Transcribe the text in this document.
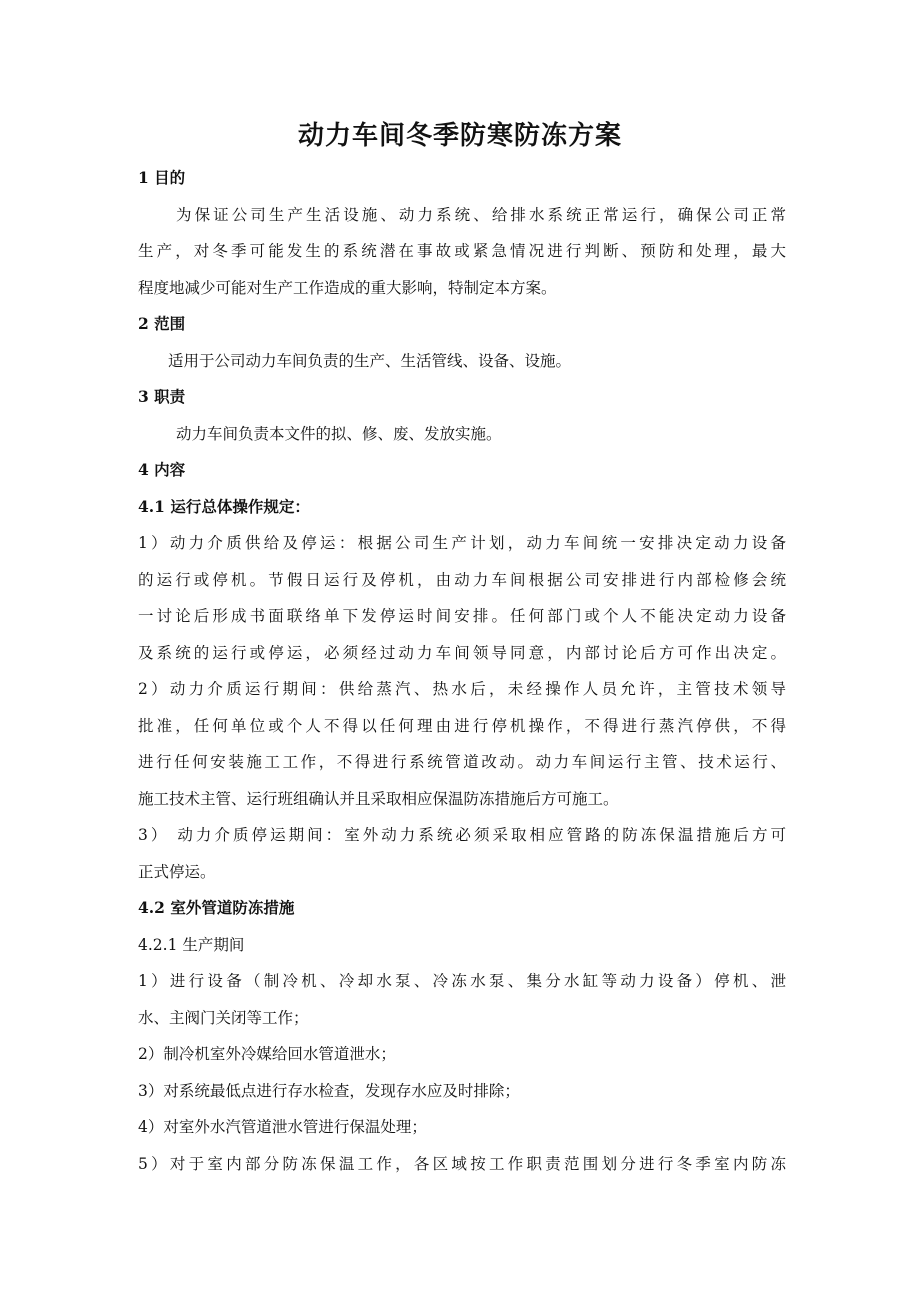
动力车间冬季防寒防冻方案

1 目的

为保证公司生产生活设施、动力系统、给排水系统正常运行，确保公司正常

生产，对冬季可能发生的系统潜在事故或紧急情况进行判断、预防和处理，最大

程度地减少可能对生产工作造成的重大影响，特制定本方案。

2 范围

适用于公司动力车间负责的生产、生活管线、设备、设施。

3 职责

动力车间负责本文件的拟、修、废、发放实施。

4 内容

4.1 运行总体操作规定：

1）动力介质供给及停运：根据公司生产计划，动力车间统一安排决定动力设备

的运行或停机。节假日运行及停机，由动力车间根据公司安排进行内部检修会统

一讨论后形成书面联络单下发停运时间安排。任何部门或个人不能决定动力设备

及系统的运行或停运，必须经过动力车间领导同意，内部讨论后方可作出决定。

2）动力介质运行期间：供给蒸汽、热水后，未经操作人员允许，主管技术领导

批准，任何单位或个人不得以任何理由进行停机操作，不得进行蒸汽停供，不得

进行任何安装施工工作，不得进行系统管道改动。动力车间运行主管、技术运行、

施工技术主管、运行班组确认并且采取相应保温防冻措施后方可施工。

3） 动力介质停运期间：室外动力系统必须采取相应管路的防冻保温措施后方可

正式停运。

4.2 室外管道防冻措施

4.2.1 生产期间

1）进行设备（制冷机、冷却水泵、冷冻水泵、集分水缸等动力设备）停机、泄

水、主阀门关闭等工作；

2）制冷机室外冷媒给回水管道泄水；

3）对系统最低点进行存水检查，发现存水应及时排除；

4）对室外水汽管道泄水管进行保温处理；

5）对于室内部分防冻保温工作，各区域按工作职责范围划分进行冬季室内防冻
